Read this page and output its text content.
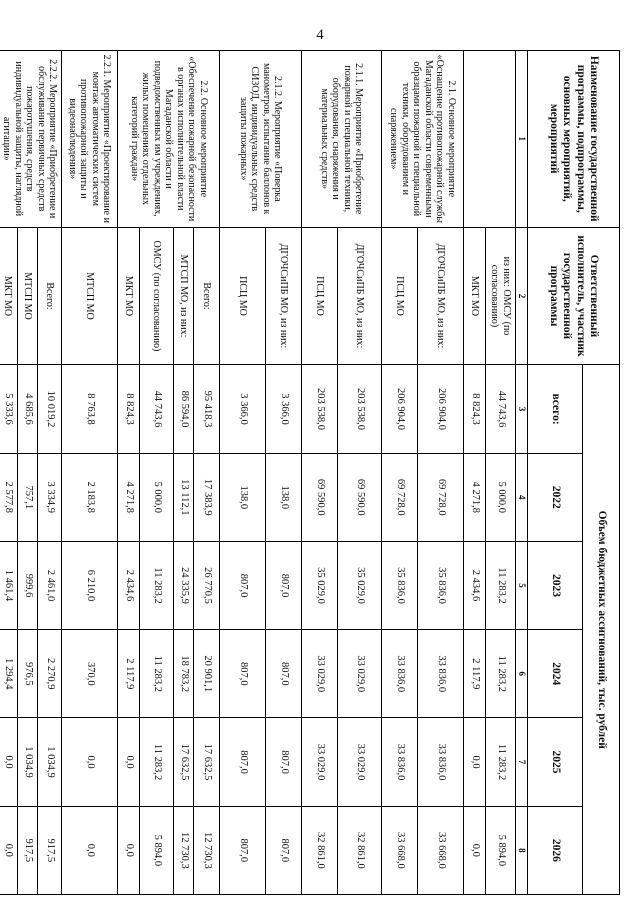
4
Наименование государственной программы, подпрограммы, основных мероприятий, мероприятий	Ответственный исполнитель, участник государственной программы	Объем бюджетных ассигнований, тыс. рублей					
		всего:	2022	2023	2024	2025	2026
1	2	3	4	5	6	7	8
	из них: ОМСУ (по согласованию)	44 743,6	5 000,0	11 283,2	11 283,2	11 283,2	5 894,0
	МКТ МО	8 824,3	4 271,8	2 434,6	2 117,9	0,0	0,0
2.1. Основное мероприятие «Оснащение противопожарной службы Магаданской области современными образцами пожарной и специальной техники, оборудованием и снаряжением»	ДГОЧСиПБ МО, из них:	206 904,0	69 728,0	35 836,0	33 836,0	33 836,0	33 668,0
	ПСЦ МО	206 904,0	69 728,0	35 836,0	33 836,0	33 836,0	33 668,0
2.1.1. Мероприятие «Приобретение пожарной и специальной техники, оборудования, снаряжения и материальных средств»	ДГОЧСиПБ МО, из них:	203 538,0	69 590,0	35 029,0	33 029,0	33 029,0	32 861,0
	ПСЦ МО	203 538,0	69 590,0	35 029,0	33 029,0	33 029,0	32 861,0
2.1.2. Мероприятие «Поверка манометров, испытание баллонов к СИЗОД, индивидуальных средств защиты пожарных»	ДГОЧСиПБ МО, из них:	3 366,0	138,0	807,0	807,0	807,0	807,0
	ПСЦ МО	3 366,0	138,0	807,0	807,0	807,0	807,0
2.2. Основное мероприятие «Обеспечение пожарной безопасности в органах исполнительной власти Магаданской области и подведомственных им учреждениях, жилых помещениях отдельных категорий граждан»	Всего:	95 418,3	17 383,9	26 770,5	20 901,1	17 632,5	12 730,3
	МТСП МО, из них:	86 594,0	13 112,1	24 335,9	18 783,2	17 632,5	12 730,3
	ОМСУ (по согласованию)	44 743,6	5 000,0	11 283,2	11 283,2	11 283,2	5 894,0
	МКТ МО	8 824,3	4 271,8	2 434,6	2 117,9	0,0	0,0
2.2.1. Мероприятие «Проектирование и монтаж автоматических систем противопожарной защиты и видеонаблюдения»	МТСП МО	8 763,8	2 183,8	6 210,0	370,0	0,0	0,0
2.2.2. Мероприятие «Приобретение и обслуживание первичных средств пожаротушения, средств индивидуальной защиты, наглядной агитации»	Всего:	10 019,2	3 334,9	2 461,0	2 270,9	1 034,9	917,5
	МТСП МО	4 685,6	757,1	999,6	976,5	1 034,9	917,5
	МКТ МО	5 333,6	2 577,8	1 461,4	1 294,4	0,0	0,0
